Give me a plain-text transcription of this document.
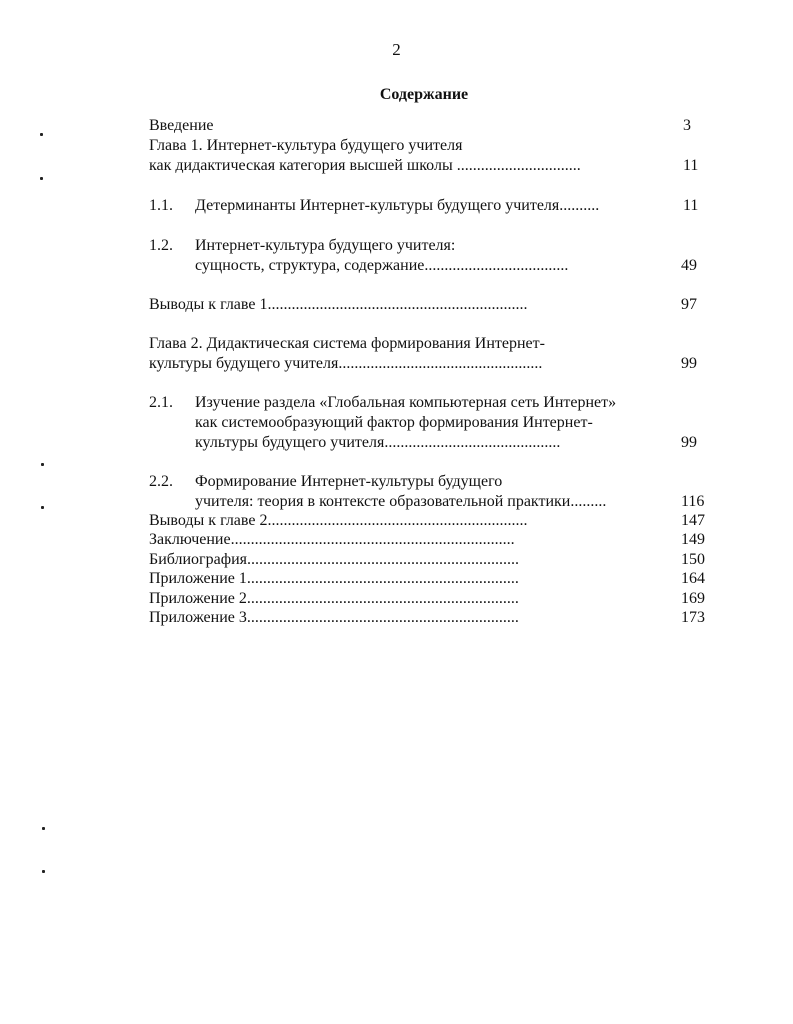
2
Содержание
Введение	3
Глава 1. Интернет-культура будущего учителя
как дидактическая категория высшей школы ...............................	11
1.1. Детерминанты Интернет-культуры будущего учителя..........	11
1.2. Интернет-культура будущего учителя:
сущность, структура, содержание....................................	49
Выводы к главе 1.................................................................	97
Глава 2. Дидактическая система формирования Интернет-
культуры будущего учителя...................................................	99
2.1. Изучение раздела «Глобальная компьютерная сеть Интернет»
как системообразующий фактор формирования Интернет-
культуры будущего учителя............................................	99
2.2. Формирование Интернет-культуры будущего
учителя: теория в контексте образовательной практики.........	116
Выводы к главе 2.................................................................	147
Заключение.......................................................................	149
Библиография....................................................................	150
Приложение 1....................................................................	164
Приложение 2....................................................................	169
Приложение 3....................................................................	173
